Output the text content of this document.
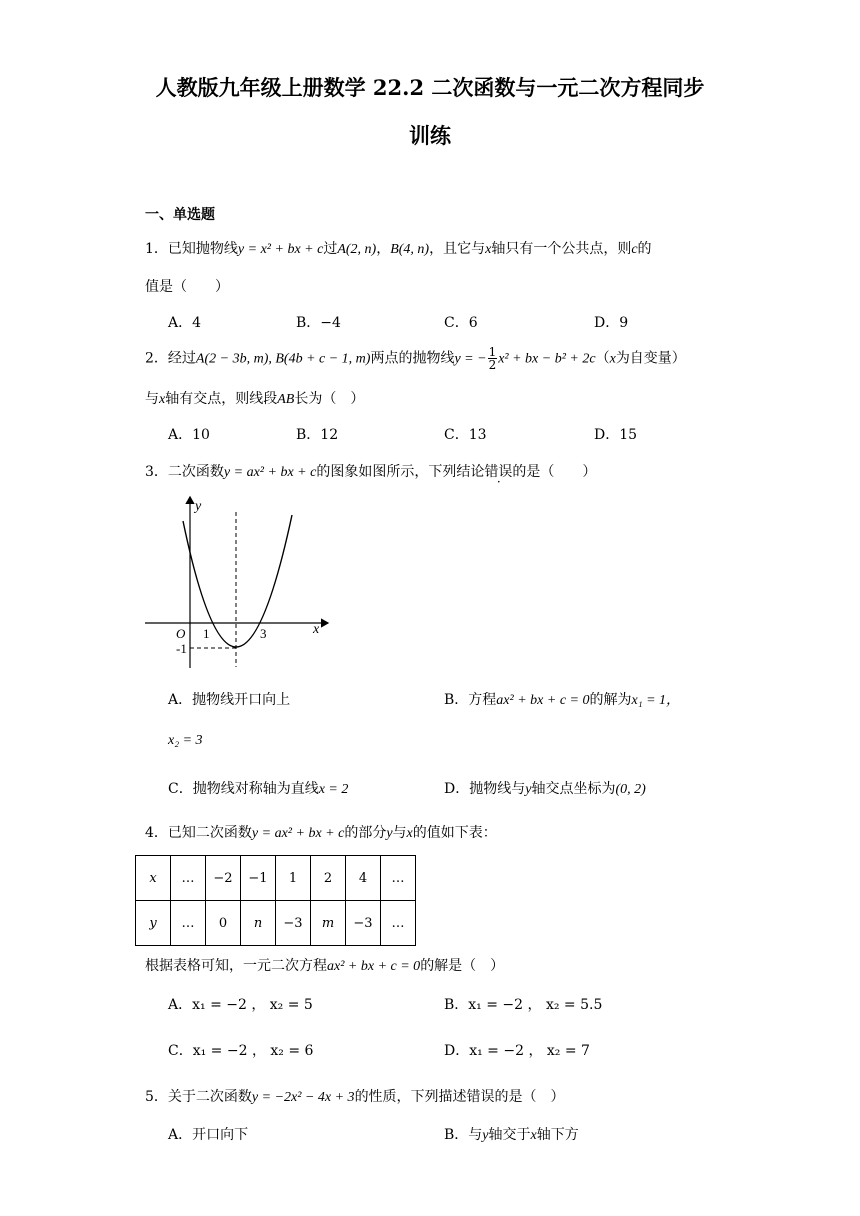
人教版九年级上册数学 22.2 二次函数与一元二次方程同步
训练
一、单选题
1．已知抛物线y = x² + bx + c过A(2, n)，B(4, n)，且它与x轴只有一个公共点，则c的
值是（　　）
A．4	B．−4	C．6	D．9
2．经过A(2 − 3b, m), B(4b + c − 1, m)两点的抛物线y = − $\frac{1}{2} x^2$ + bx − b² + 2c（x为自变量）
与x轴有交点，则线段AB长为（　）
A．10	B．12	C．13	D．15
3．二次函数y = ax² + bx + c的图象如图所示，下列结论错误的是（　　）
y
x
O 1	3
-1
A．抛物线开口向上	B．方程ax² + bx + c = 0的解为x₁ = 1，
x₂ = 3
C．抛物线对称轴为直线x = 2	D．抛物线与y轴交点坐标为(0, 2)
4．已知二次函数y = ax² + bx + c的部分y与x的值如下表：
x	…	−2	−1	1	2	4	…
y	…	0	n	−3	m	−3	…
根据表格可知，一元二次方程ax² + bx + c = 0的解是（　）
A．x₁ = −2 ， x₂ = 5	B．x₁ = −2 ， x₂ = 5.5
C．x₁ = −2 ， x₂ = 6	D．x₁ = −2 ， x₂ = 7
5．关于二次函数y = −2x² − 4x + 3的性质，下列描述错误的是（　）
A．开口向下	B．与y轴交于x轴下方
